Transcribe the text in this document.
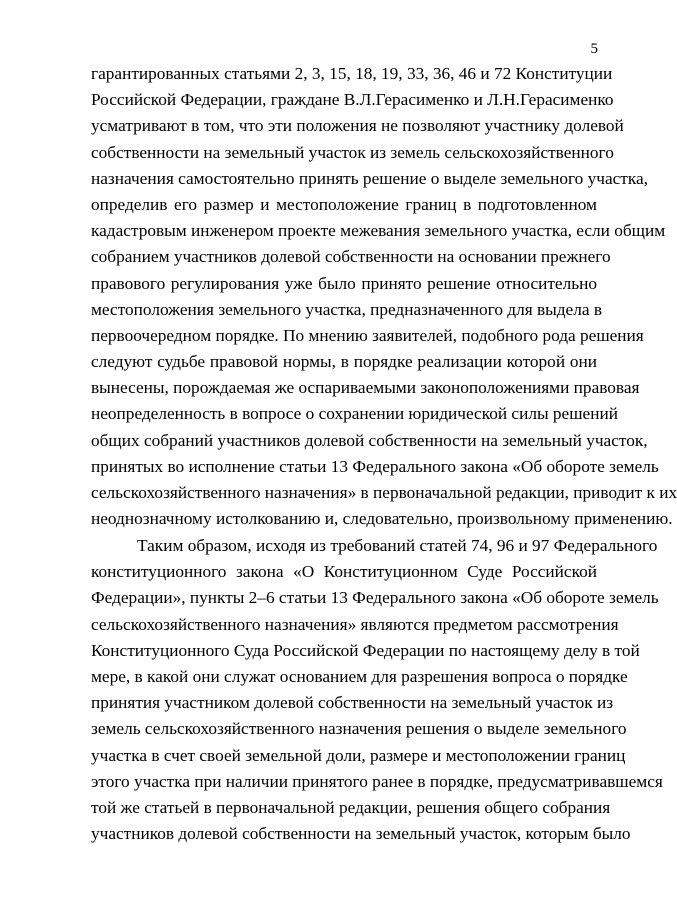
5
гарантированных статьями 2, 3, 15, 18, 19, 33, 36, 46 и 72 Конституции
Российской Федерации, граждане В.Л.Герасименко и Л.Н.Герасименко
усматривают в том, что эти положения не позволяют участнику долевой
собственности на земельный участок из земель сельскохозяйственного
назначения самостоятельно принять решение о выделе земельного участка,
определив его размер и местоположение границ в подготовленном
кадастровым инженером проекте межевания земельного участка, если общим
собранием участников долевой собственности на основании прежнего
правового регулирования уже было принято решение относительно
местоположения земельного участка, предназначенного для выдела в
первоочередном порядке. По мнению заявителей, подобного рода решения
следуют судьбе правовой нормы, в порядке реализации которой они
вынесены, порождаемая же оспариваемыми законоположениями правовая
неопределенность в вопросе о сохранении юридической силы решений
общих собраний участников долевой собственности на земельный участок,
принятых во исполнение статьи 13 Федерального закона «Об обороте земель
сельскохозяйственного назначения» в первоначальной редакции, приводит к их
неоднозначному истолкованию и, следовательно, произвольному применению.
Таким образом, исходя из требований статей 74, 96 и 97 Федерального
конституционного закона «О Конституционном Суде Российской
Федерации», пункты 2–6 статьи 13 Федерального закона «Об обороте земель
сельскохозяйственного назначения» являются предметом рассмотрения
Конституционного Суда Российской Федерации по настоящему делу в той
мере, в какой они служат основанием для разрешения вопроса о порядке
принятия участником долевой собственности на земельный участок из
земель сельскохозяйственного назначения решения о выделе земельного
участка в счет своей земельной доли, размере и местоположении границ
этого участка при наличии принятого ранее в порядке, предусматривавшемся
той же статьей в первоначальной редакции, решения общего собрания
участников долевой собственности на земельный участок, которым было
